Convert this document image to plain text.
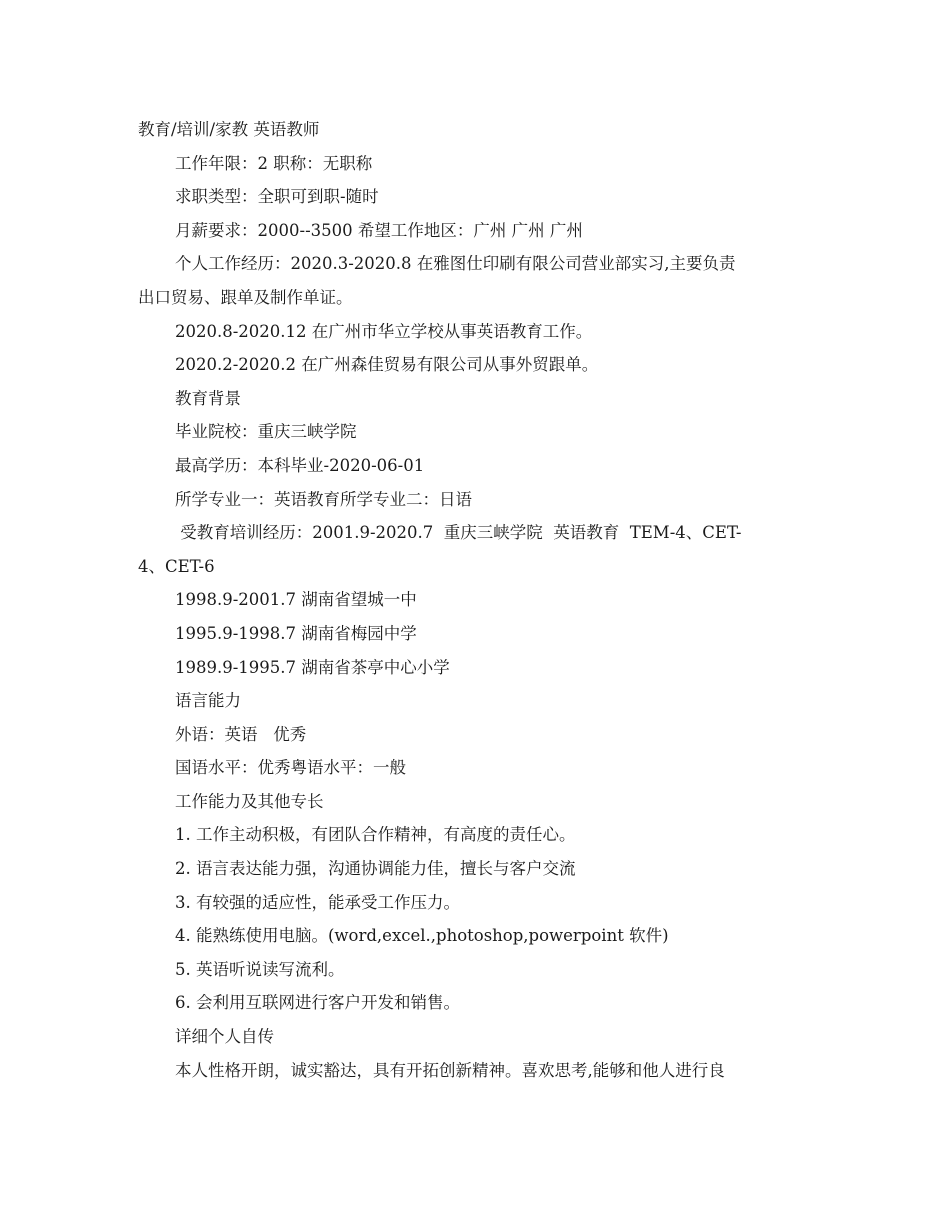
教育/培训/家教 英语教师
工作年限：2 职称：无职称
求职类型：全职可到职-随时
月薪要求：2000--3500 希望工作地区：广州 广州 广州
个人工作经历：2020.3-2020.8 在雅图仕印刷有限公司营业部实习,主要负责
出口贸易、跟单及制作单证。
2020.8-2020.12 在广州市华立学校从事英语教育工作。
2020.2-2020.2 在广州森佳贸易有限公司从事外贸跟单。
教育背景
毕业院校：重庆三峡学院
最高学历：本科毕业-2020-06-01
所学专业一：英语教育所学专业二：日语
受教育培训经历：2001.9-2020.7  重庆三峡学院  英语教育  TEM-4、CET-
4、CET-6
1998.9-2001.7 湖南省望城一中
1995.9-1998.7 湖南省梅园中学
1989.9-1995.7 湖南省茶亭中心小学
语言能力
外语：英语   优秀
国语水平：优秀粤语水平：一般
工作能力及其他专长
1. 工作主动积极，有团队合作精神，有高度的责任心。
2. 语言表达能力强，沟通协调能力佳，擅长与客户交流
3. 有较强的适应性，能承受工作压力。
4. 能熟练使用电脑。(word,excel.,photoshop,powerpoint 软件)
5. 英语听说读写流利。
6. 会利用互联网进行客户开发和销售。
详细个人自传
本人性格开朗，诚实豁达，具有开拓创新精神。喜欢思考,能够和他人进行良
